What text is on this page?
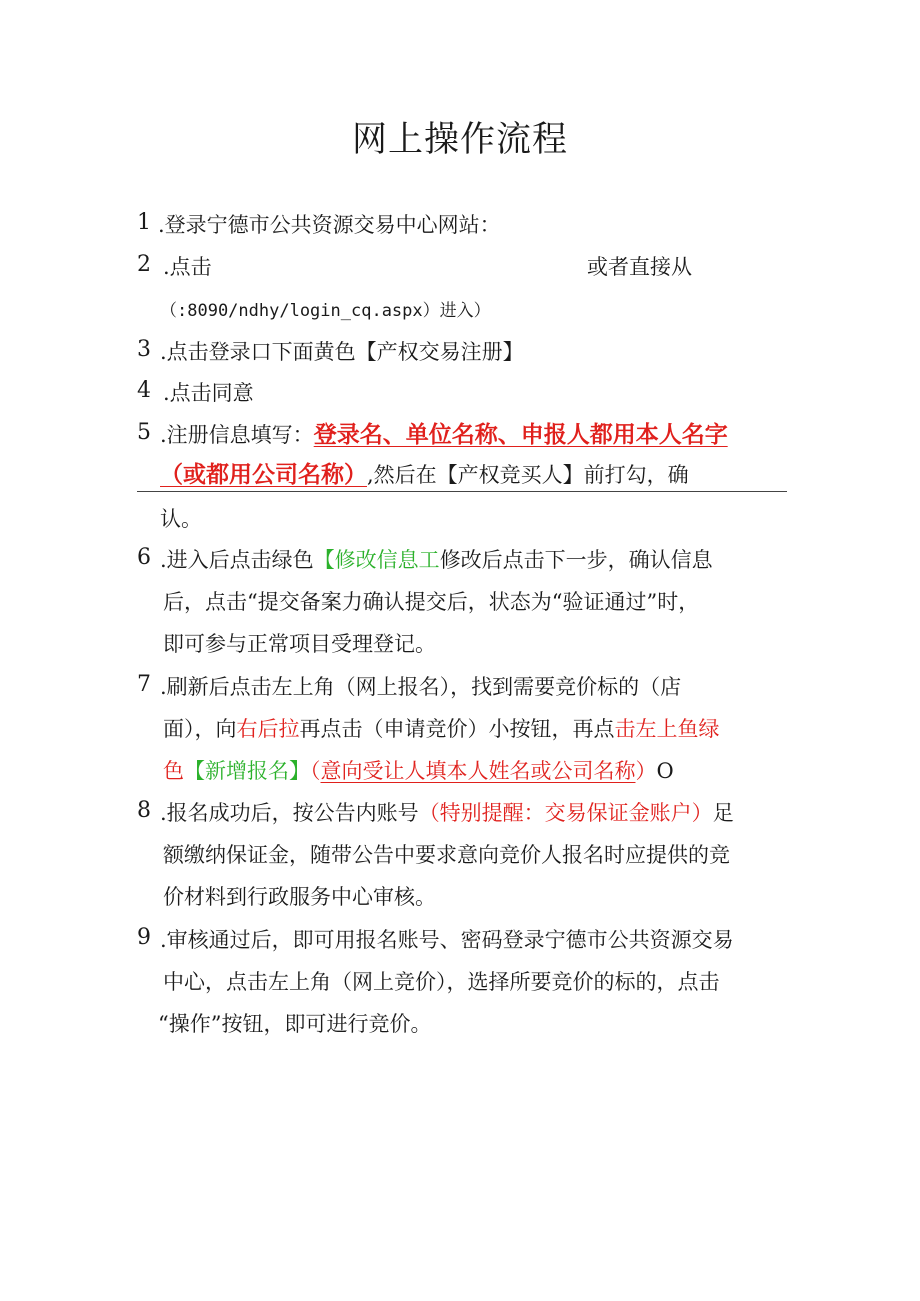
网上操作流程
1 .登录宁德市公共资源交易中心网站：
2 .点击	或者直接从
（:8090/ndhy/login_cq.aspx）进入）
3 .点击登录口下面黄色【产权交易注册】
4 .点击同意
5 .注册信息填写：登录名、单位名称、申报人都用本人名字
（或都用公司名称）,然后在【产权竞买人】前打勾，确
认。
6 .进入后点击绿色【修改信息工修改后点击下一步，确认信息
后，点击“提交备案力确认提交后，状态为“验证通过”时，
即可参与正常项目受理登记。
7 .刷新后点击左上角（网上报名），找到需要竞价标的（店
面），向右后拉再点击（申请竞价）小按钮，再点击左上鱼绿
色【新增报名】（意向受让人填本人姓名或公司名称）O
8 .报名成功后，按公告内账号（特别提醒：交易保证金账户）足
额缴纳保证金，随带公告中要求意向竞价人报名时应提供的竞
价材料到行政服务中心审核。
9 .审核通过后，即可用报名账号、密码登录宁德市公共资源交易
中心，点击左上角（网上竞价），选择所要竞价的标的，点击
“操作”按钮，即可进行竞价。
